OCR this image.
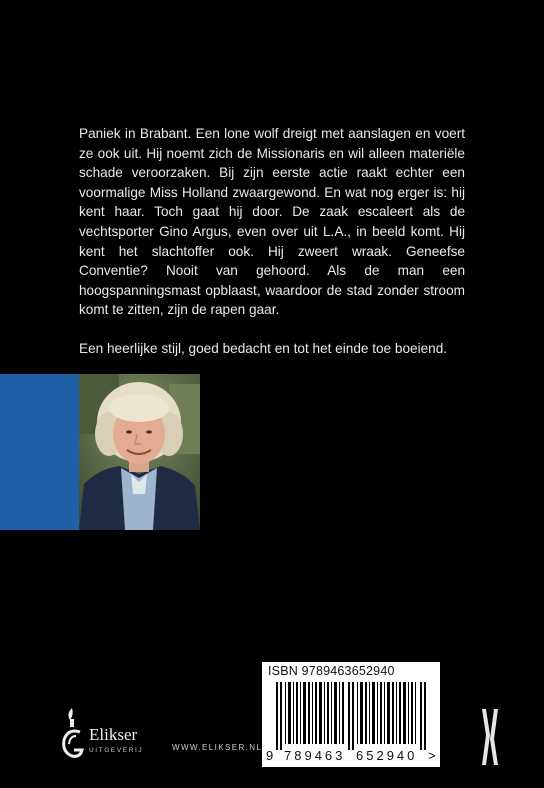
Paniek in Brabant. Een lone wolf dreigt met aanslagen en voert ze ook uit. Hij noemt zich de Missionaris en wil alleen materiële schade veroorzaken. Bij zijn eerste actie raakt echter een voormalige Miss Holland zwaargewond. En wat nog erger is: hij kent haar. Toch gaat hij door. De zaak escaleert als de vechtsporter Gino Argus, even over uit L.A., in beeld komt. Hij kent het slachtoffer ook. Hij zweert wraak. Geneefse Conventie? Nooit van gehoord. Als de man een hoogspanningsmast opblaast, waardoor de stad zonder stroom komt te zitten, zijn de rapen gaar.

Een heerlijke stijl, goed bedacht en tot het einde toe boeiend.

ISBN 9789463652940
9 789463 652940 >
Elikser
UITGEVERIJ	WWW.ELIKSER.NL
